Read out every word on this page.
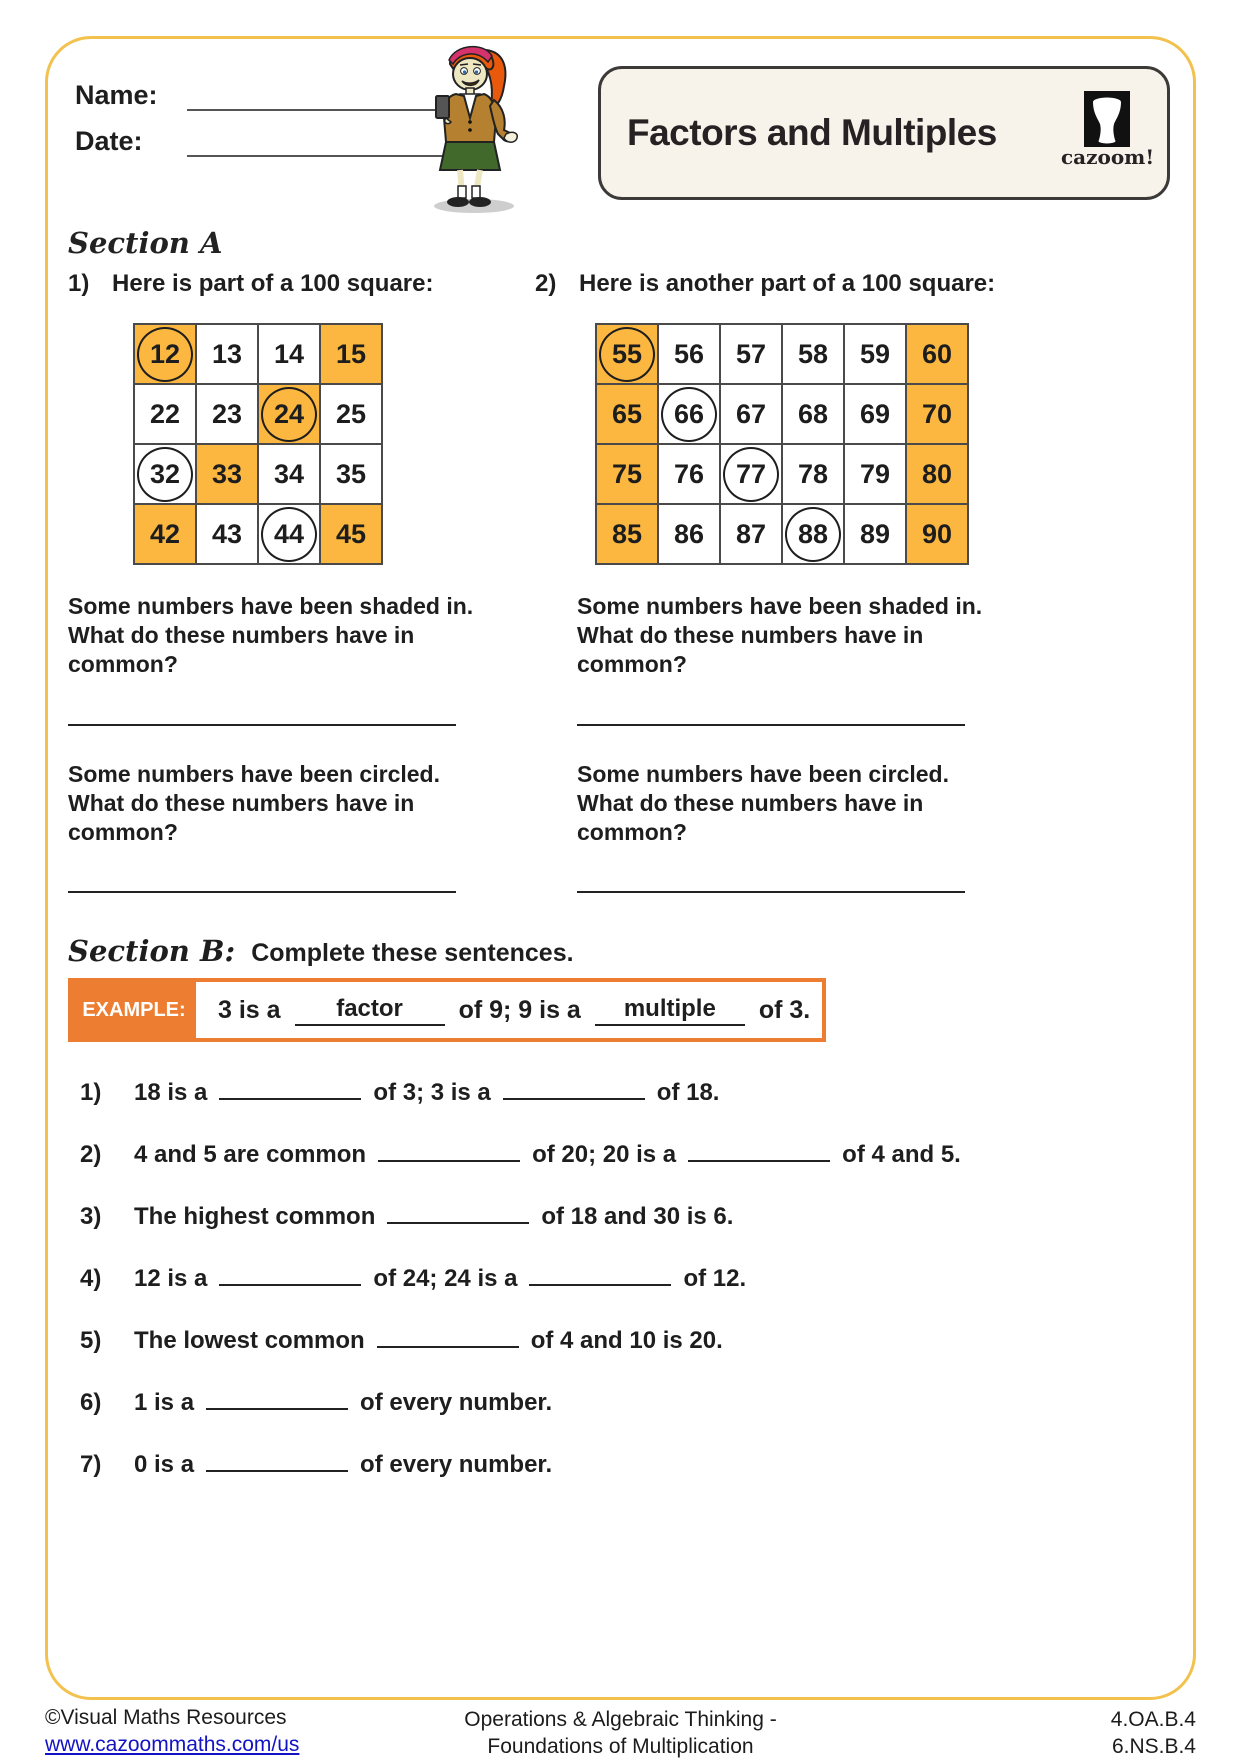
Name:
Date:	Factors and Multiples
cazoom!
Section A
1) Here is part of a 100 square:	2) Here is another part of a 100 square:
12 13 14 15
22 23 24 25
32 33 34 35
42 43 44 45
55 56 57 58 59 60
65 66 67 68 69 70
75 76 77 78 79 80
85 86 87 88 89 90
Some numbers have been shaded in. What do these numbers have in common?
Some numbers have been circled. What do these numbers have in common?
Some numbers have been shaded in. What do these numbers have in common?
Some numbers have been circled. What do these numbers have in common?
Section B: Complete these sentences.
EXAMPLE:	3 is a	factor	of 9; 9 is a	multiple	of 3.
1)	18 is a	of 3; 3 is a	of 18.
2)	4 and 5 are common	of 20; 20 is a	of 4 and 5.
3)	The highest common	of 18 and 30 is 6.
4)	12 is a	of 24; 24 is a	of 12.
5)	The lowest common	of 4 and 10 is 20.
6)	1 is a	of every number.
7)	0 is a	of every number.
©Visual Maths Resources
www.cazoommaths.com/us
Operations & Algebraic Thinking -
Foundations of Multiplication
4.OA.B.4
6.NS.B.4
